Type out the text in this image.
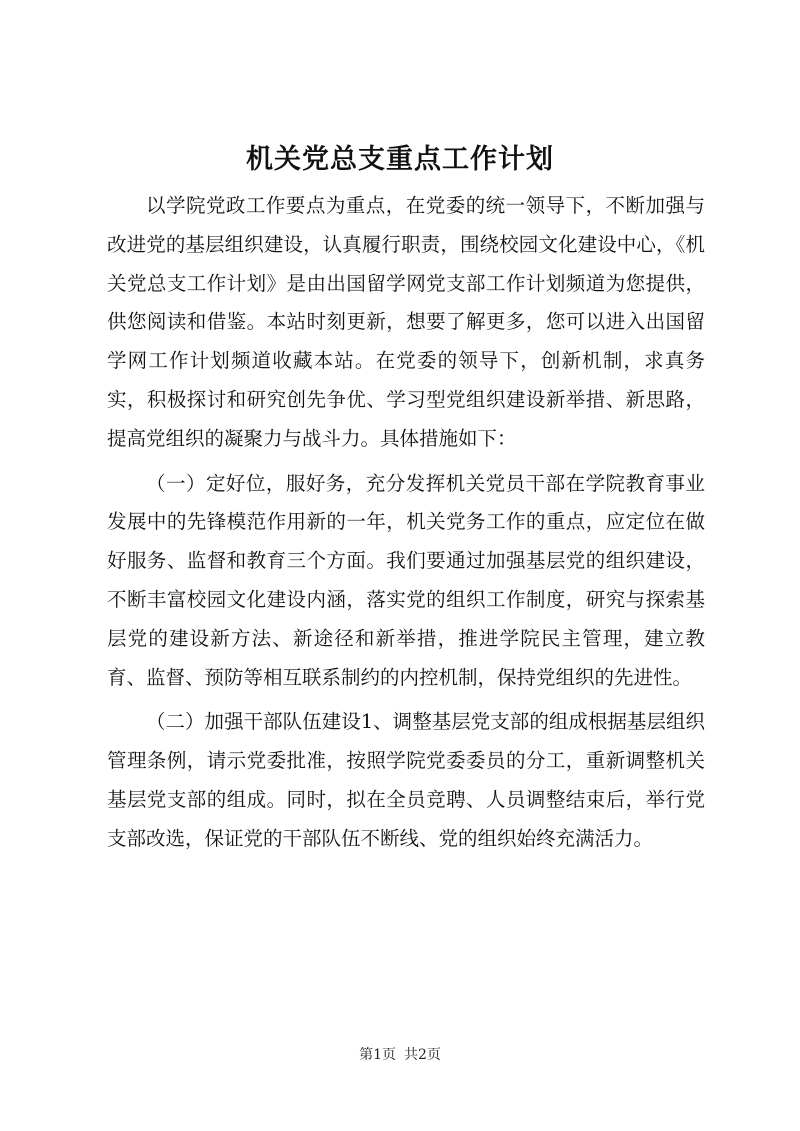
机关党总支重点工作计划

以学院党政工作要点为重点，在党委的统一领导下，不断加强与改进党的基层组织建设，认真履行职责，围绕校园文化建设中心，《机关党总支工作计划》是由出国留学网党支部工作计划频道为您提供，供您阅读和借鉴。本站时刻更新，想要了解更多，您可以进入出国留学网工作计划频道收藏本站。在党委的领导下，创新机制，求真务实，积极探讨和研究创先争优、学习型党组织建设新举措、新思路，提高党组织的凝聚力与战斗力。具体措施如下：

（一）定好位，服好务，充分发挥机关党员干部在学院教育事业发展中的先锋模范作用新的一年，机关党务工作的重点，应定位在做好服务、监督和教育三个方面。我们要通过加强基层党的组织建设，不断丰富校园文化建设内涵，落实党的组织工作制度，研究与探索基层党的建设新方法、新途径和新举措，推进学院民主管理，建立教育、监督、预防等相互联系制约的内控机制，保持党组织的先进性。

（二）加强干部队伍建设1、调整基层党支部的组成根据基层组织管理条例，请示党委批准，按照学院党委委员的分工，重新调整机关基层党支部的组成。同时，拟在全员竞聘、人员调整结束后，举行党支部改选，保证党的干部队伍不断线、党的组织始终充满活力。

第1页 共2页
